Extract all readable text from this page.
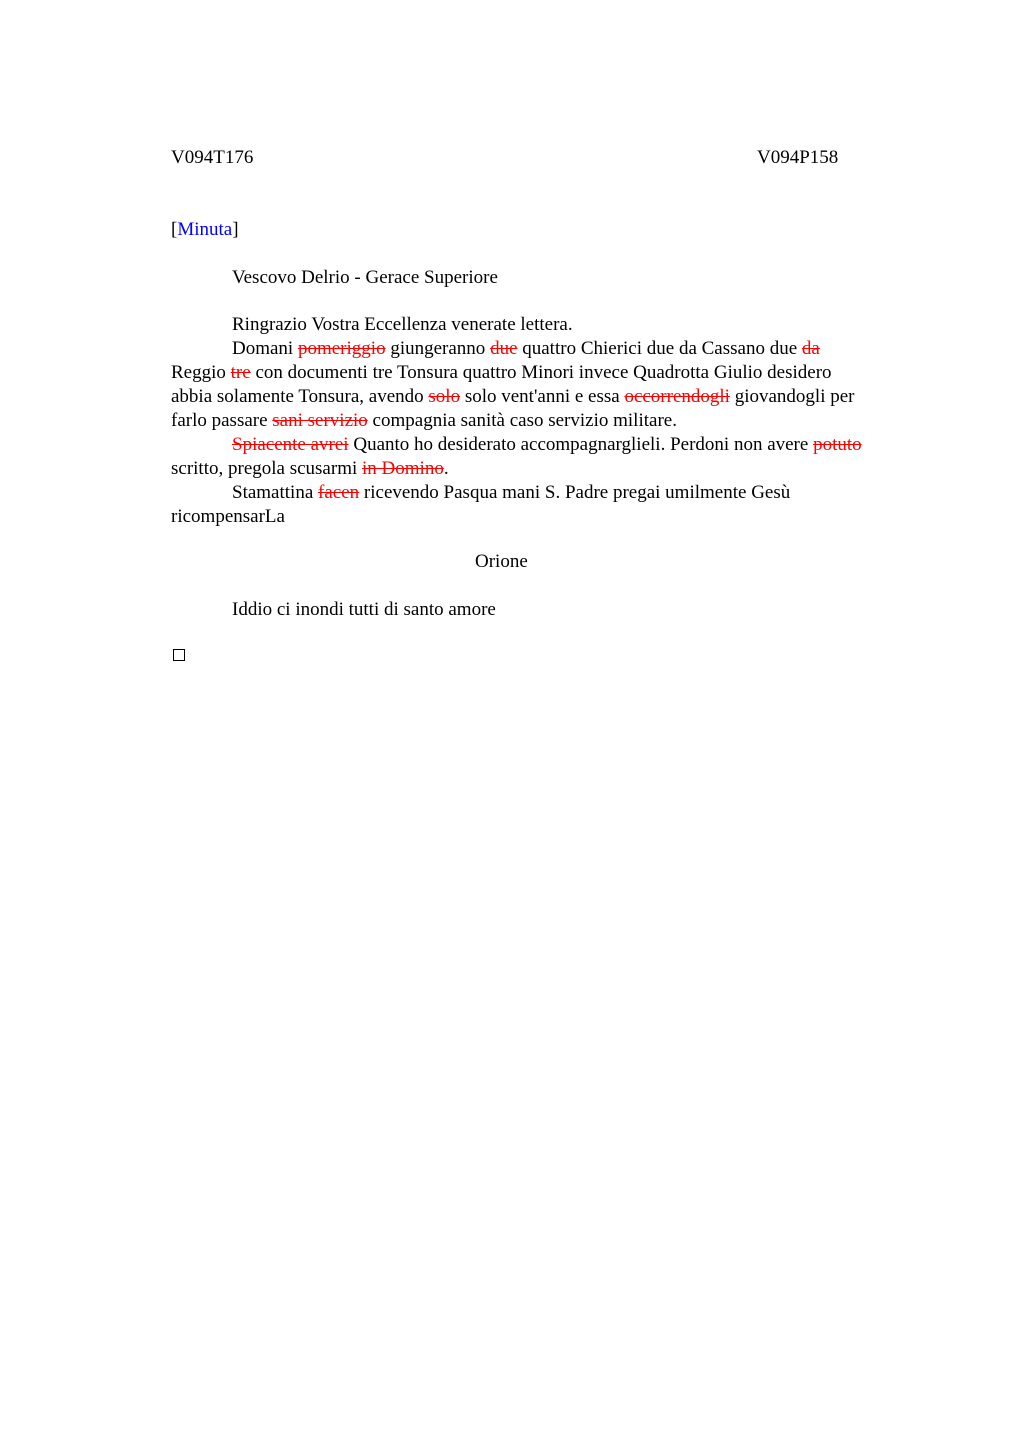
V094T176	V094P158
[Minuta]
Vescovo Delrio - Gerace Superiore
Ringrazio Vostra Eccellenza venerate lettera.
Domani pomeriggio giungeranno due quattro Chierici due da Cassano due da
Reggio tre con documenti tre Tonsura quattro Minori invece Quadrotta Giulio desidero
abbia solamente Tonsura, avendo solo solo vent'anni e essa occorrendogli giovandogli per
farlo passare sani servizio compagnia sanità caso servizio militare.
Spiacente avrei Quanto ho desiderato accompagnarglieli. Perdoni non avere potuto
scritto, pregola scusarmi in Domino.
Stamattina facen ricevendo Pasqua mani S. Padre pregai umilmente Gesù
ricompensarLa
Orione
Iddio ci inondi tutti di santo amore
